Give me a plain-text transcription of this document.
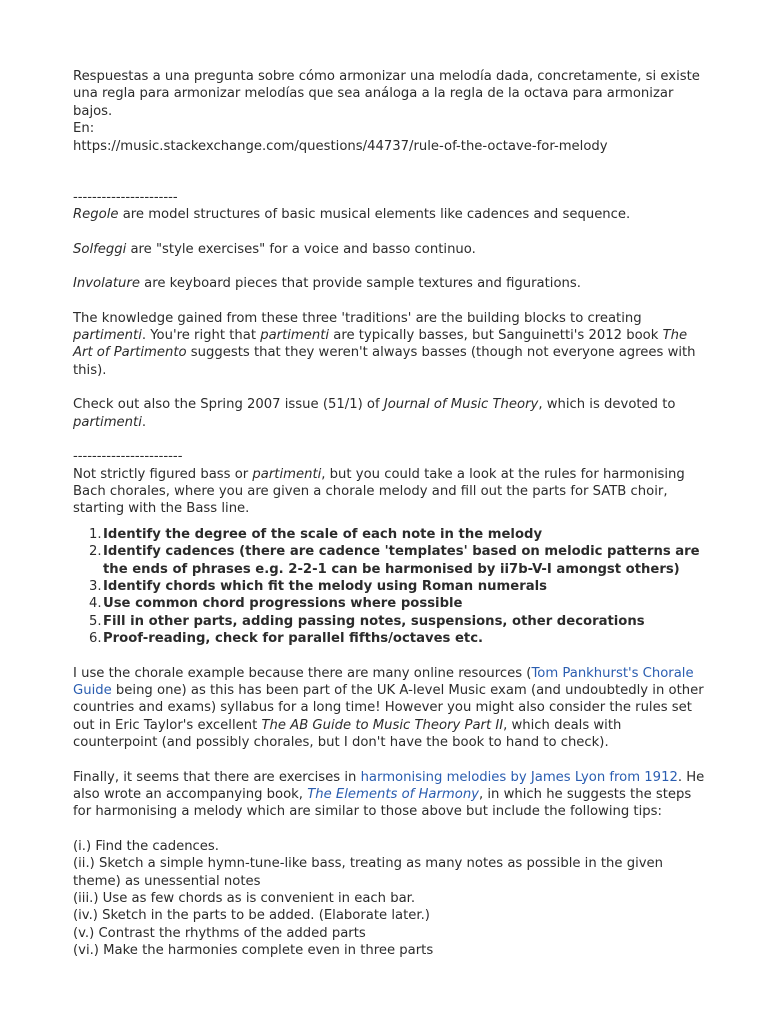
Respuestas a una pregunta sobre cómo armonizar una melodía dada, concretamente, si existe una regla para armonizar melodías que sea análoga a la regla de la octava para armonizar bajos.

En:

https://music.stackexchange.com/questions/44737/rule-of-the-octave-for-melody

----------------------

Regole are model structures of basic musical elements like cadences and sequence.

Solfeggi are "style exercises" for a voice and basso continuo.

Involature are keyboard pieces that provide sample textures and figurations.

The knowledge gained from these three 'traditions' are the building blocks to creating partimenti. You're right that partimenti are typically basses, but Sanguinetti's 2012 book The Art of Partimento suggests that they weren't always basses (though not everyone agrees with this).

Check out also the Spring 2007 issue (51/1) of Journal of Music Theory, which is devoted to partimenti.

-----------------------

Not strictly figured bass or partimenti, but you could take a look at the rules for harmonising Bach chorales, where you are given a chorale melody and fill out the parts for SATB choir, starting with the Bass line.

1. Identify the degree of the scale of each note in the melody
2. Identify cadences (there are cadence 'templates' based on melodic patterns are the ends of phrases e.g. 2-2-1 can be harmonised by ii7b-V-I amongst others)
3. Identify chords which fit the melody using Roman numerals
4. Use common chord progressions where possible
5. Fill in other parts, adding passing notes, suspensions, other decorations
6. Proof-reading, check for parallel fifths/octaves etc.

I use the chorale example because there are many online resources (Tom Pankhurst's Chorale Guide being one) as this has been part of the UK A-level Music exam (and undoubtedly in other countries and exams) syllabus for a long time! However you might also consider the rules set out in Eric Taylor's excellent The AB Guide to Music Theory Part II, which deals with counterpoint (and possibly chorales, but I don't have the book to hand to check).

Finally, it seems that there are exercises in harmonising melodies by James Lyon from 1912. He also wrote an accompanying book, The Elements of Harmony, in which he suggests the steps for harmonising a melody which are similar to those above but include the following tips:

(i.) Find the cadences.

(ii.) Sketch a simple hymn-tune-like bass, treating as many notes as possible in the given theme) as unessential notes

(iii.) Use as few chords as is convenient in each bar.

(iv.) Sketch in the parts to be added. (Elaborate later.)

(v.) Contrast the rhythms of the added parts

(vi.) Make the harmonies complete even in three parts
